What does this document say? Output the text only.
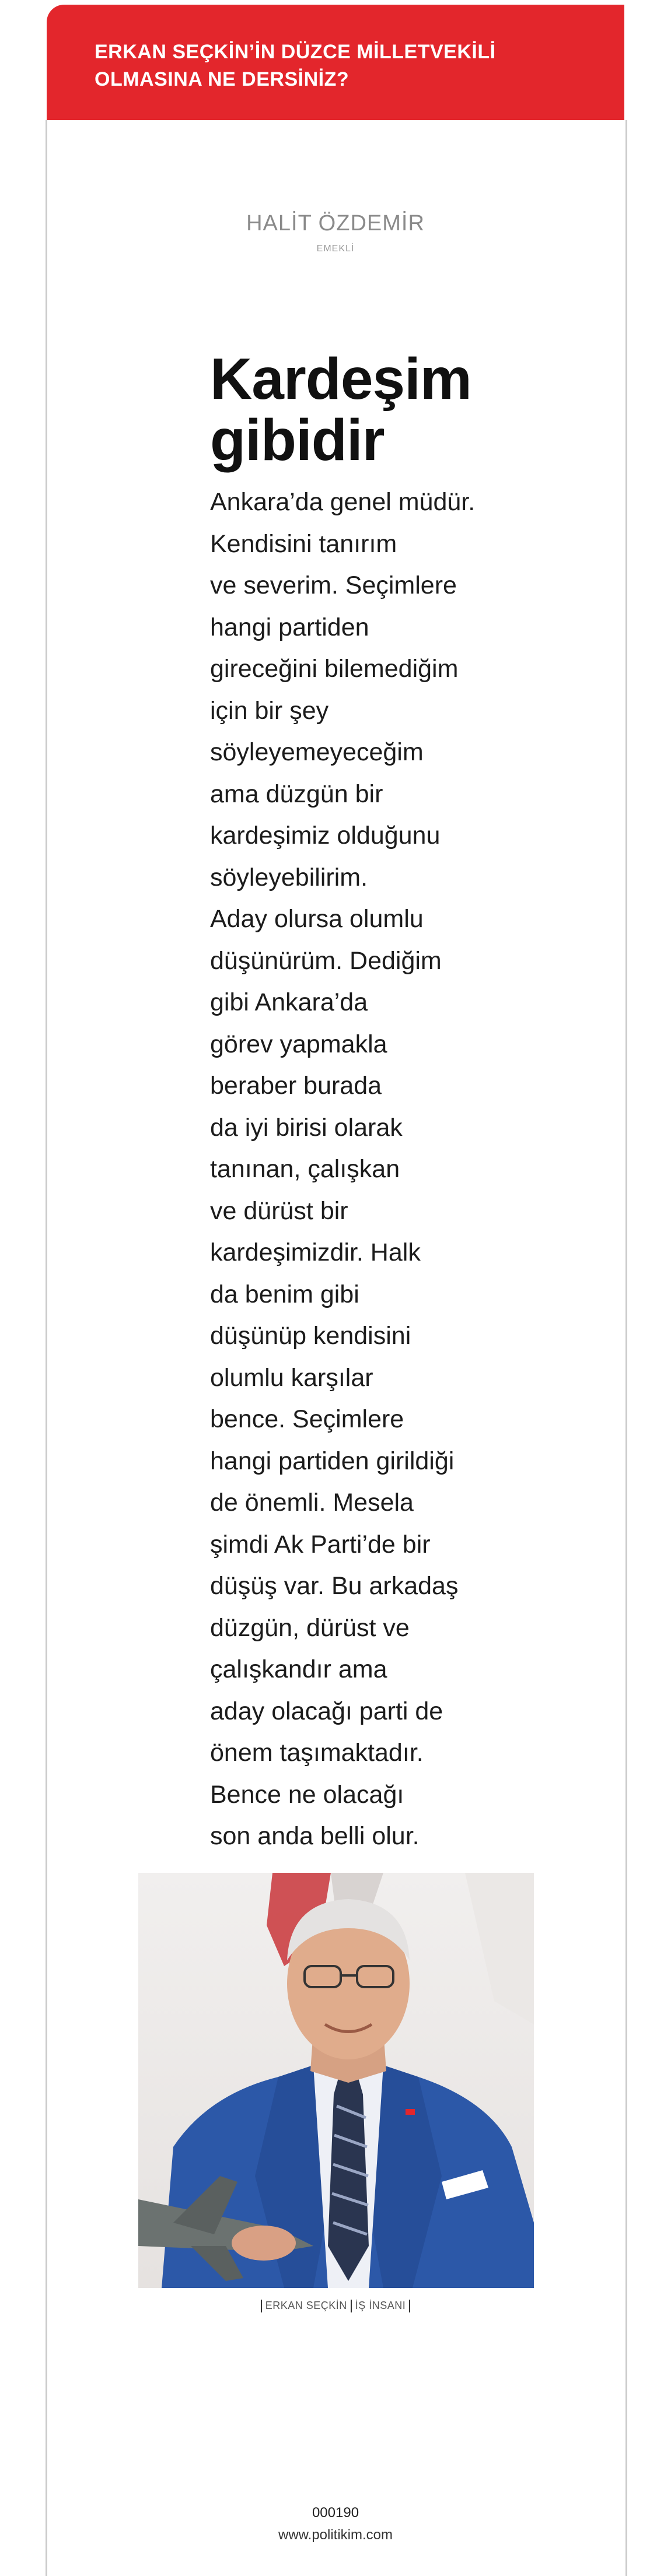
ERKAN SEÇKİN’İN DÜZCE MİLLETVEKİLİ
OLMASINA NE DERSİNİZ?
HALİT ÖZDEMİR
EMEKLİ
Kardeşim
gibidir
Ankara’da genel müdür.
Kendisini tanırım
ve severim. Seçimlere
hangi partiden
gireceğini bilemediğim
için bir şey
söyleyemeyeceğim
ama düzgün bir
kardeşimiz olduğunu
söyleyebilirim.
Aday olursa olumlu
düşünürüm. Dediğim
gibi Ankara’da
görev yapmakla
beraber burada
da iyi birisi olarak
tanınan, çalışkan
ve dürüst bir
kardeşimizdir. Halk
da benim gibi
düşünüp kendisini
olumlu karşılar
bence. Seçimlere
hangi partiden girildiği
de önemli. Mesela
şimdi Ak Parti’de bir
düşüş var. Bu arkadaş
düzgün, dürüst ve
çalışkandır ama
aday olacağı parti de
önem taşımaktadır.
Bence ne olacağı
son anda belli olur.
ERKAN SEÇKİN İŞ İNSANI
000190
www.politikim.com
